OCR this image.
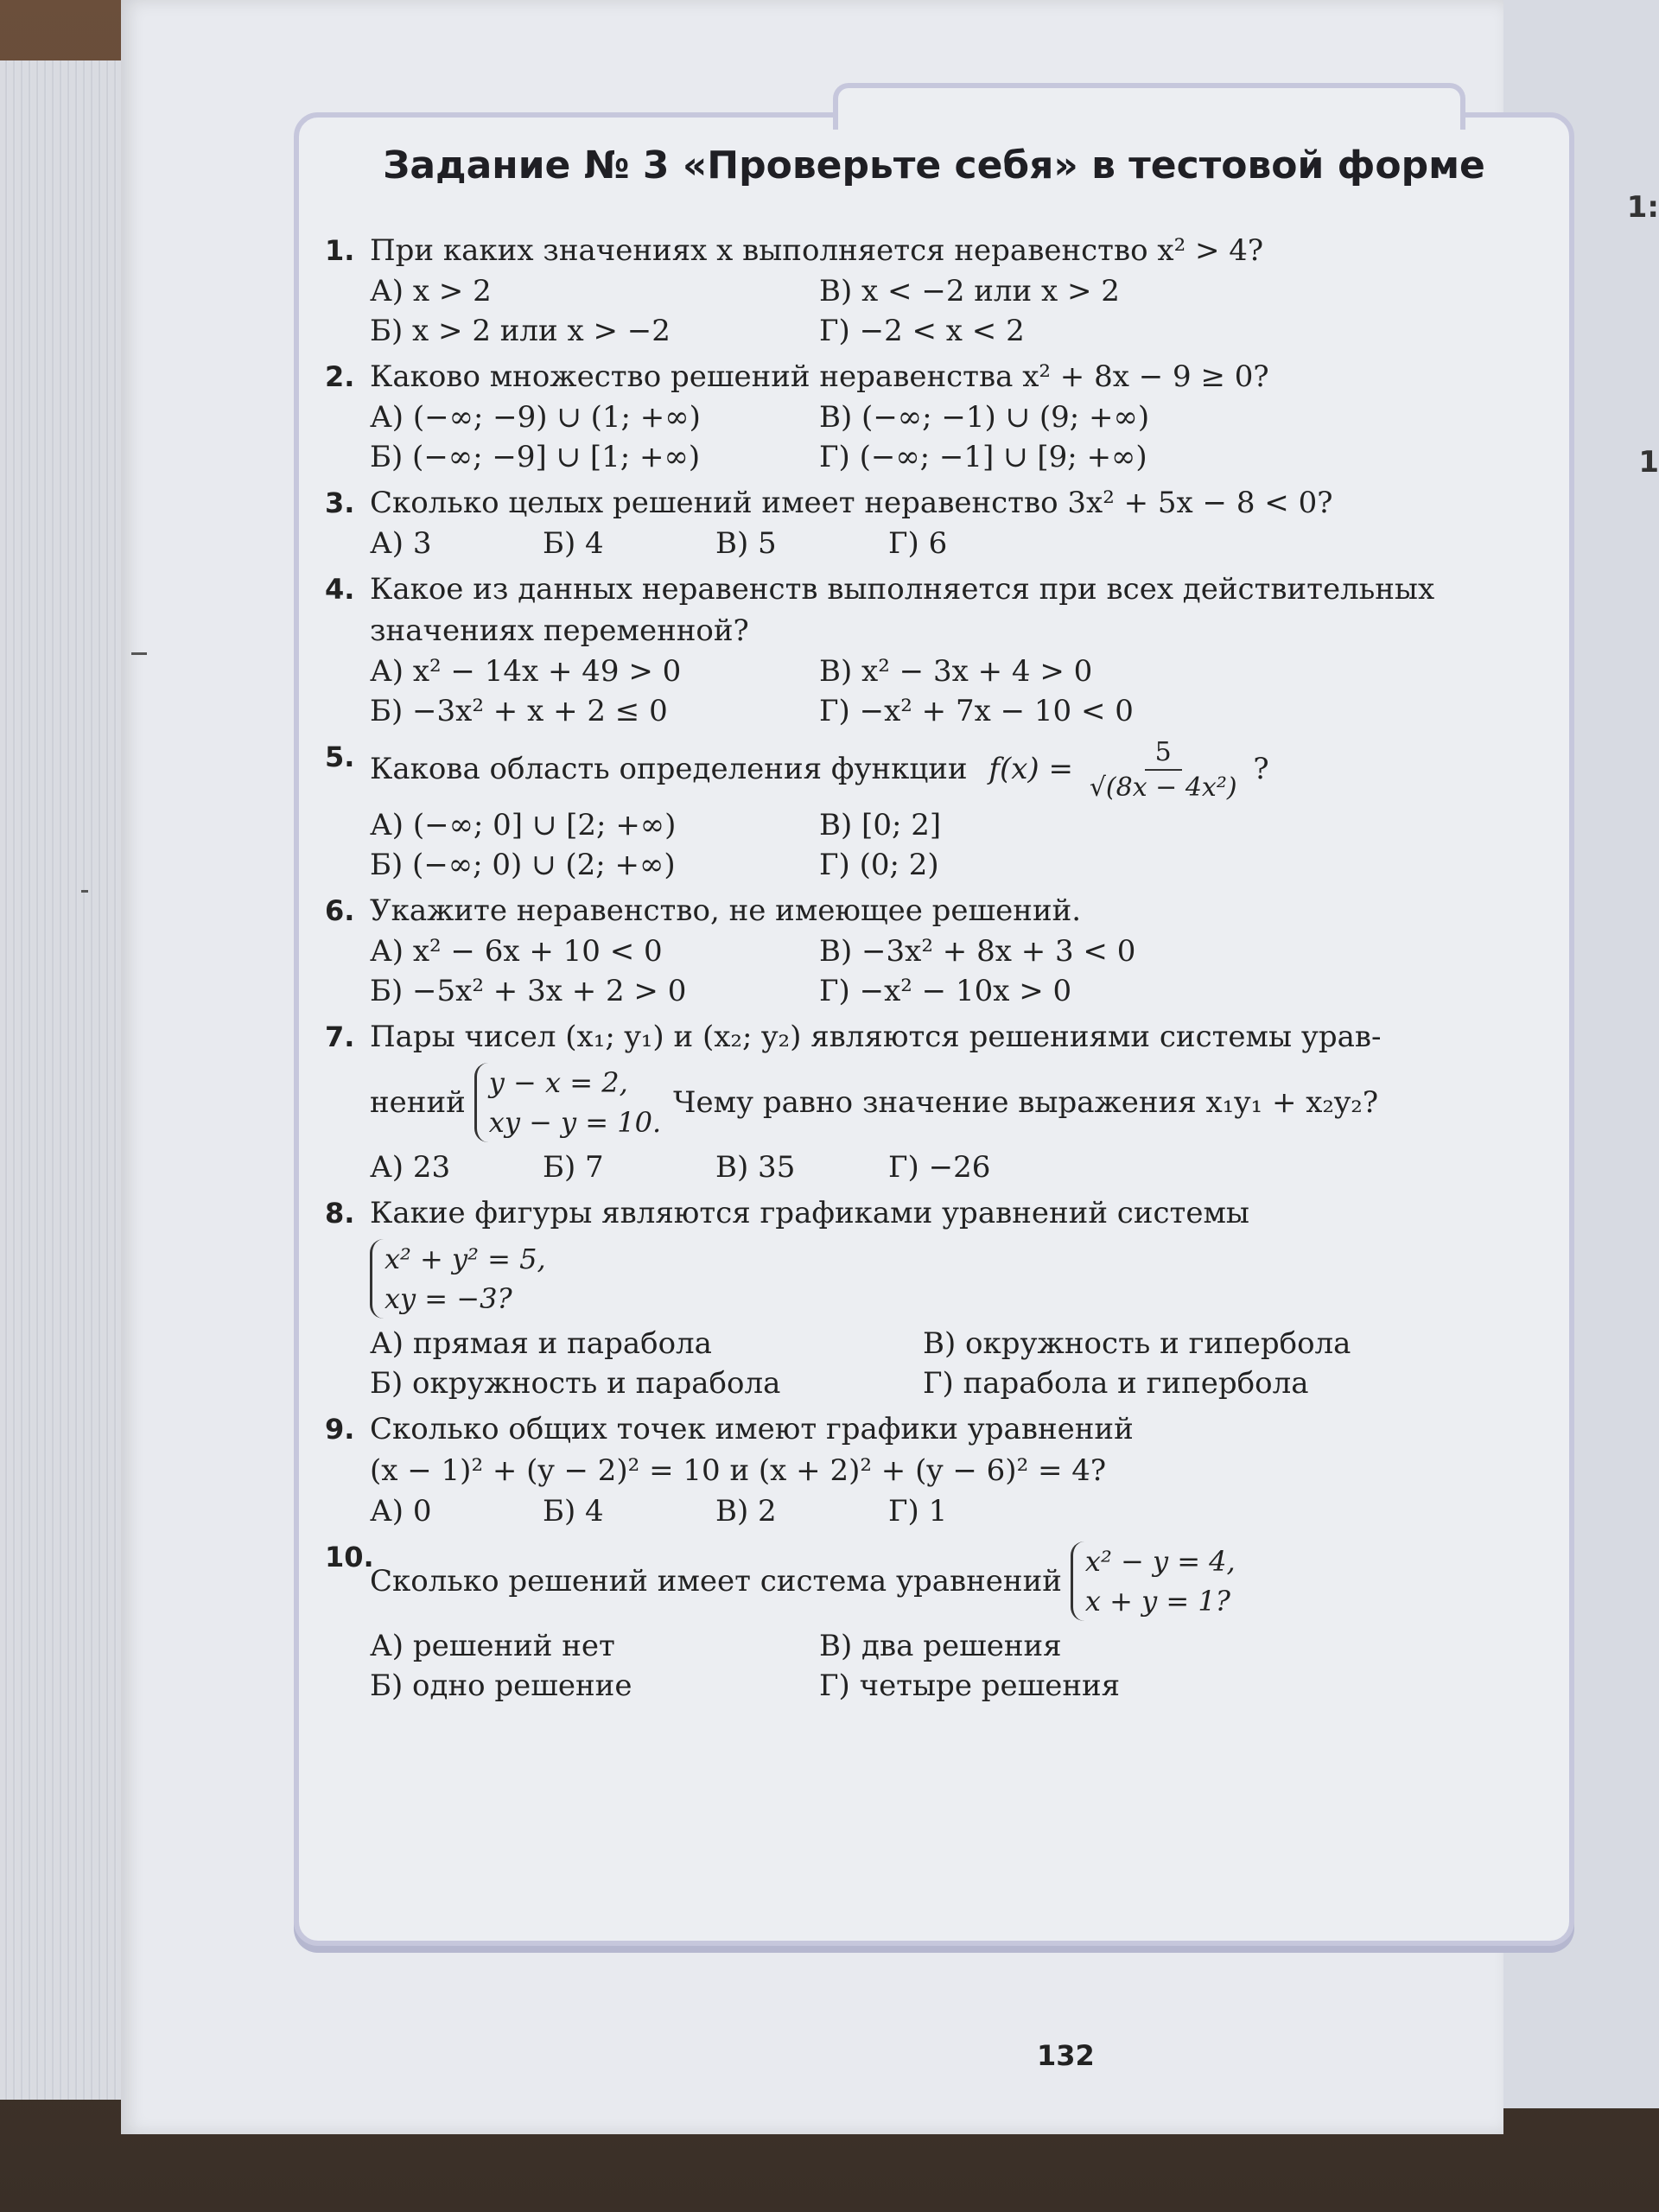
1:
1
Задание № 3 «Проверьте себя» в тестовой форме
1. При каких значениях x выполняется неравенство x² > 4?
А) x > 2	В) x < −2 или x > 2
Б) x > 2 или x > −2	Г) −2 < x < 2
2. Каково множество решений неравенства x² + 8x − 9 ≥ 0?
А) (−∞; −9) ∪ (1; +∞)	В) (−∞; −1) ∪ (9; +∞)
Б) (−∞; −9] ∪ [1; +∞)	Г) (−∞; −1] ∪ [9; +∞)
3. Сколько целых решений имеет неравенство 3x² + 5x − 8 < 0?
А) 3	Б) 4	В) 5	Г) 6
4. Какое из данных неравенств выполняется при всех действительных значениях переменной?
А) x² − 14x + 49 > 0	В) x² − 3x + 4 > 0
Б) −3x² + x + 2 ≤ 0	Г) −x² + 7x − 10 < 0
5. Какова область определения функции $f(x) = \frac{5}{\text{√(8x − 4x²)}}$ ?
А) (−∞; 0] ∪ [2; +∞)	В) [0; 2]
Б) (−∞; 0) ∪ (2; +∞)	Г) (0; 2)
6. Укажите неравенство, не имеющее решений.
А) x² − 6x + 10 < 0	В) −3x² + 8x + 3 < 0
Б) −5x² + 3x + 2 > 0	Г) −x² − 10x > 0
7. Пары чисел (x₁; y₁) и (x₂; y₂) являются решениями системы урав-
нений
y − x = 2,
xy − y = 10.
Чему равно значение выражения x₁y₁ + x₂y₂?
А) 23	Б) 7	В) 35	Г) −26
8. Какие фигуры являются графиками уравнений системы
x² + y² = 5,
xy = −3?
А) прямая и парабола	В) окружность и гипербола
Б) окружность и парабола	Г) парабола и гипербола
9. Сколько общих точек имеют графики уравнений
(x − 1)² + (y − 2)² = 10 и (x + 2)² + (y − 6)² = 4?
А) 0	Б) 4	В) 2	Г) 1
10.
Сколько решений имеет система уравнений
x² − y = 4,
x + y = 1?
А) решений нет	В) два решения
Б) одно решение	Г) четыре решения
132
